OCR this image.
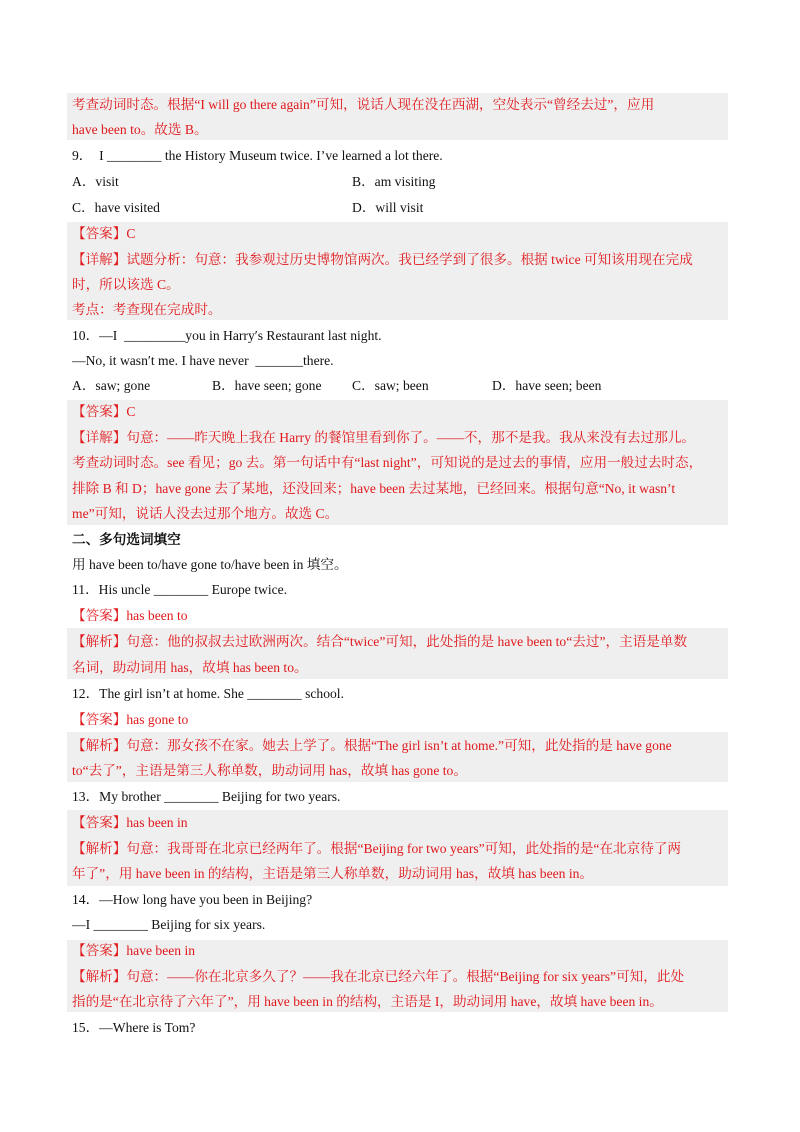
考查动词时态。根据“I will go there again”可知，说话人现在没在西湖，空处表示“曾经去过”，应用
have been to。故选 B。
9．  I ________ the History Museum twice. I’ve learned a lot there.
A．visit	B．am visiting
C．have visited	D．will visit
【答案】C
【详解】试题分析：句意：我参观过历史博物馆两次。我已经学到了很多。根据 twice 可知该用现在完成
时，所以该选 C。
考点：考查现在完成时。
10．—I  _________you in Harry′s Restaurant last night.
—No, it wasn′t me. I have never  _______there.
A．saw; gone	B．have seen; gone C．saw; been	D．have seen; been
【答案】C
【详解】句意：——昨天晚上我在 Harry 的餐馆里看到你了。——不，那不是我。我从来没有去过那儿。
考查动词时态。see 看见；go 去。第一句话中有“last night”，可知说的是过去的事情，应用一般过去时态，
排除 B 和 D；have gone 去了某地，还没回来；have been 去过某地，已经回来。根据句意“No, it wasn’t
me”可知，说话人没去过那个地方。故选 C。
二、多句选词填空
用 have been to/have gone to/have been in 填空。
11．His uncle ________ Europe twice.
【答案】has been to
【解析】句意：他的叔叔去过欧洲两次。结合“twice”可知，此处指的是 have been to“去过”，主语是单数
名词，助动词用 has，故填 has been to。
12．The girl isn’t at home. She ________ school.
【答案】has gone to
【解析】句意：那女孩不在家。她去上学了。根据“The girl isn’t at home.”可知，此处指的是 have gone
to“去了”，主语是第三人称单数，助动词用 has，故填 has gone to。
13．My brother ________ Beijing for two years.
【答案】has been in
【解析】句意：我哥哥在北京已经两年了。根据“Beijing for two years”可知，此处指的是“在北京待了两
年了”，用 have been in 的结构，主语是第三人称单数，助动词用 has，故填 has been in。
14．—How long have you been in Beijing?
—I ________ Beijing for six years.
【答案】have been in
【解析】句意：——你在北京多久了？——我在北京已经六年了。根据“Beijing for six years”可知，此处
指的是“在北京待了六年了”，用 have been in 的结构，主语是 I，助动词用 have，故填 have been in。
15．—Where is Tom?
